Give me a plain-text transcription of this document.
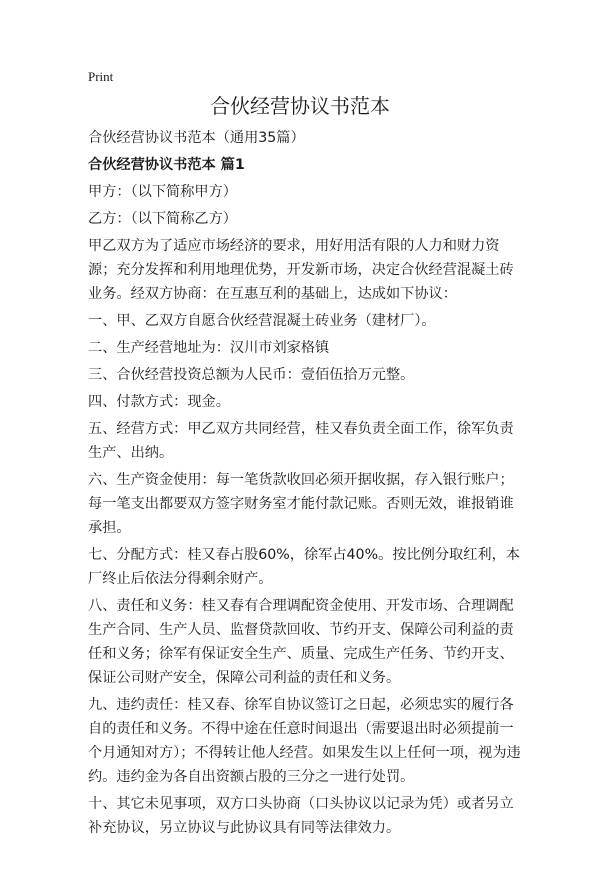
Print
合伙经营协议书范本

合伙经营协议书范本（通用35篇）

合伙经营协议书范本 篇1

甲方：（以下简称甲方）

乙方：（以下简称乙方）

甲乙双方为了适应市场经济的要求，用好用活有限的人力和财力资源；充分发挥和利用地理优势，开发新市场，决定合伙经营混凝土砖业务。经双方协商：在互惠互利的基础上，达成如下协议：

一、甲、乙双方自愿合伙经营混凝土砖业务（建材厂）。

二、生产经营地址为：汉川市刘家格镇

三、合伙经营投资总额为人民币：壹佰伍拾万元整。

四、付款方式：现金。

五、经营方式：甲乙双方共同经营，桂又春负责全面工作，徐军负责生产、出纳。

六、生产资金使用：每一笔货款收回必须开据收据，存入银行账户；每一笔支出都要双方签字财务室才能付款记账。否则无效，谁报销谁承担。

七、分配方式：桂又春占股60%，徐军占40%。按比例分取红利，本厂终止后依法分得剩余财产。

八、责任和义务：桂又春有合理调配资金使用、开发市场、合理调配生产合同、生产人员、监督贷款回收、节约开支、保障公司利益的责任和义务；徐军有保证安全生产、质量、完成生产任务、节约开支、保证公司财产安全，保障公司利益的责任和义务。

九、违约责任：桂又春、徐军自协议签订之日起，必须忠实的履行各自的责任和义务。不得中途在任意时间退出（需要退出时必须提前一个月通知对方）；不得转让他人经营。如果发生以上任何一项，视为违约。违约金为各自出资额占股的三分之一进行处罚。

十、其它未见事项，双方口头协商（口头协议以记录为凭）或者另立补充协议，另立协议与此协议具有同等法律效力。
